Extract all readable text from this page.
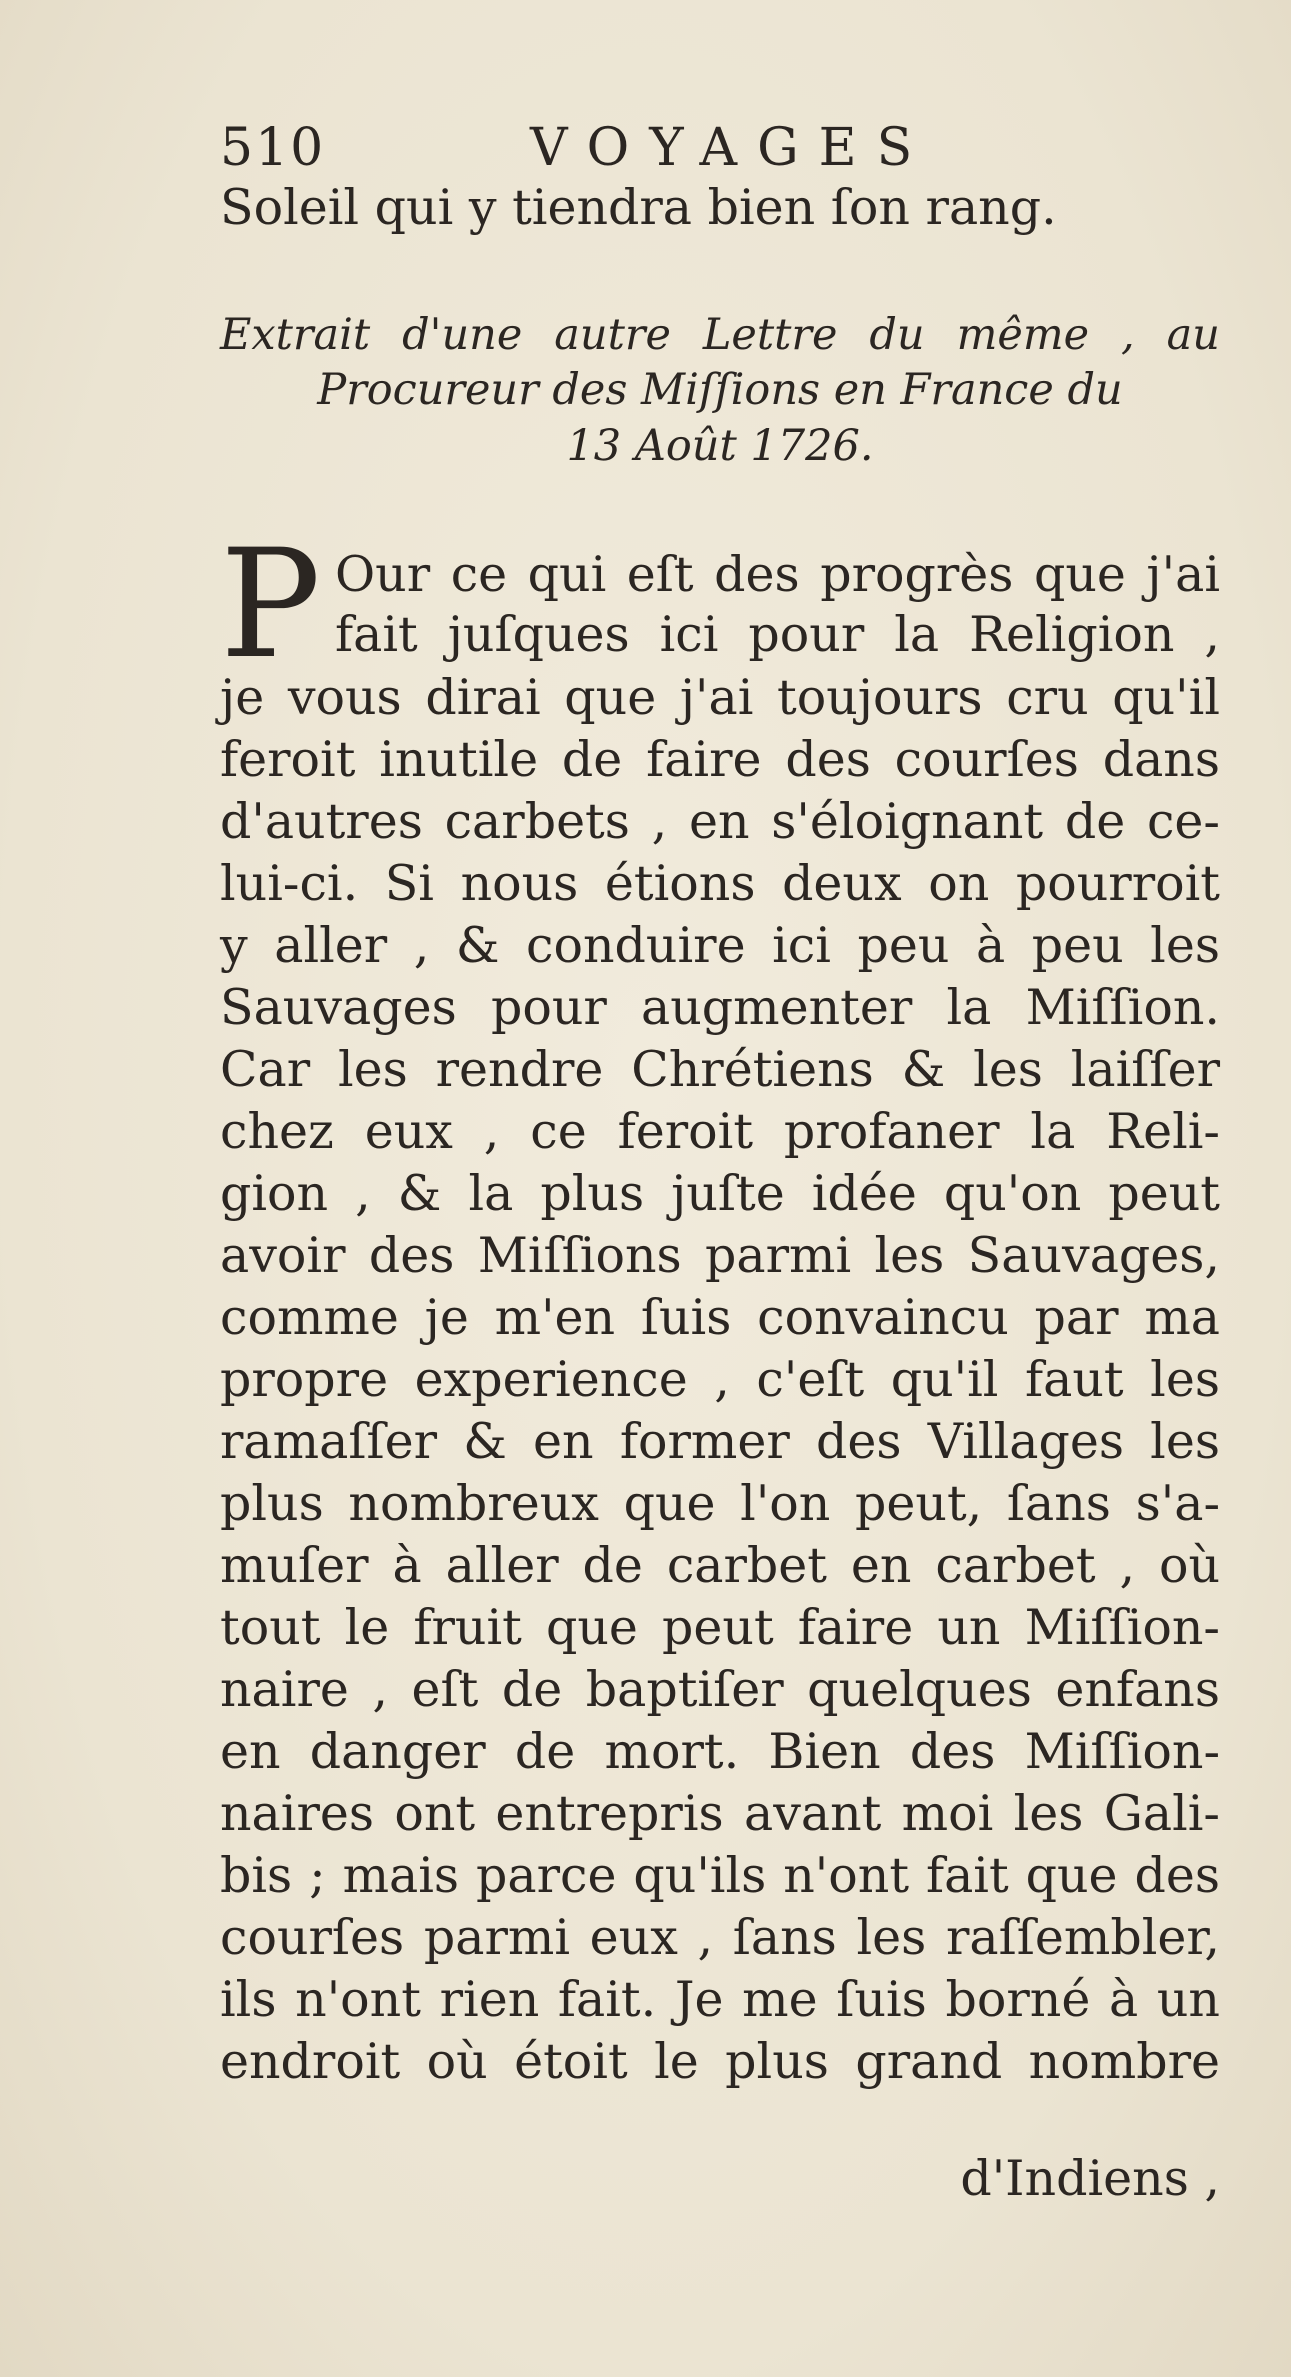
510	VOYAGES
Soleil qui y tiendra bien ſon rang.
Extrait d'une autre Lettre du même , au
Procureur des Miſſions en France du
13 Août 1726.
P Our ce qui eſt des progrès que j'ai
fait juſques ici pour la Religion ,
je vous dirai que j'ai toujours cru qu'il
feroit inutile de faire des courſes dans
d'autres carbets , en s'éloignant de ce-
lui-ci. Si nous étions deux on pourroit
y aller , & conduire ici peu à peu les
Sauvages pour augmenter la Miſſion.
Car les rendre Chrétiens & les laiſſer
chez eux , ce feroit profaner la Reli-
gion , & la plus juſte idée qu'on peut
avoir des Miſſions parmi les Sauvages,
comme je m'en ſuis convaincu par ma
propre experience , c'eſt qu'il faut les
ramaſſer & en former des Villages les
plus nombreux que l'on peut, ſans s'a-
muſer à aller de carbet en carbet , où
tout le fruit que peut faire un Miſſion-
naire , eſt de baptiſer quelques enfans
en danger de mort. Bien des Miſſion-
naires ont entrepris avant moi les Gali-
bis ; mais parce qu'ils n'ont fait que des
courſes parmi eux , ſans les raſſembler,
ils n'ont rien fait. Je me ſuis borné à un
endroit où étoit le plus grand nombre
d'Indiens ,
